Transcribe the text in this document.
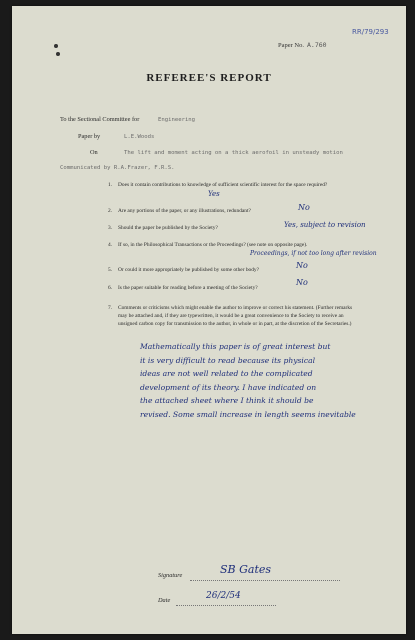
RR/79/293
Paper No. A.760
REFEREE'S REPORT
To the Sectional Committee for	Engineering
Paper by	L.E.Woods
On	The lift and moment acting on a thick aerofoil in unsteady motion
Communicated by R.A.Frazer, F.R.S.
1. Does it contain contributions to knowledge of sufficient scientific interest for the space required?
Yes
2. Are any portions of the paper, or any illustrations, redundant?	No
3. Should the paper be published by the Society?	Yes, subject to revision
4. If so, in the Philosophical Transactions or the Proceedings? (see note on opposite page).
Proceedings, if not too long after revision
5. Or could it more appropriately be published by some other body?	No
6. Is the paper suitable for reading before a meeting of the Society?
No
7. Comments or criticisms which might enable the author to improve or correct his statement. (Further remarks may be attached and, if they are typewritten, it would be a great convenience to the Society to receive an unsigned carbon copy for transmission to the author, in whole or in part, at the discretion of the Secretaries.)
Mathematically this paper is of great interest but
it is very difficult to read because its physical
ideas are not well related to the complicated
development of its theory. I have indicated on
the attached sheet where I think it should be
revised. Some small increase in length seems inevitable
Signature	SB Gates
Date	26/2/54
